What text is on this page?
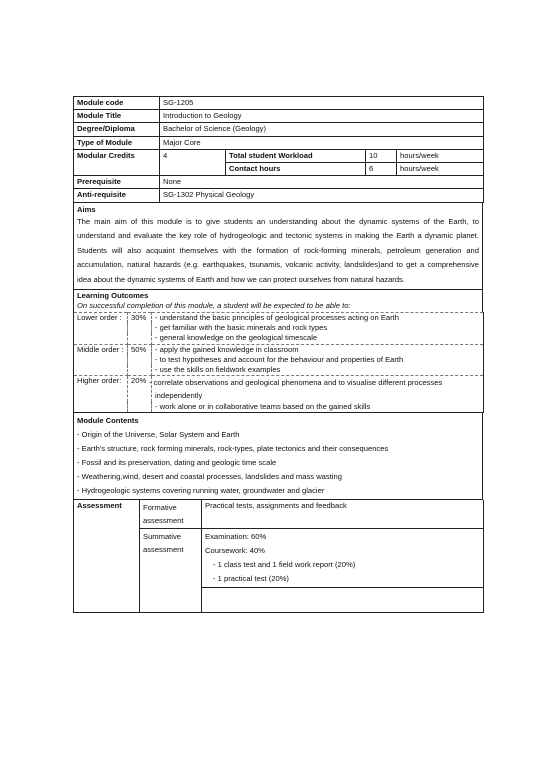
Module code	SG-1205			
Module Title	Introduction to Geology			
Degree/Diploma	Bachelor of Science (Geology)			
Type of Module	Major Core			
Modular Credits	4	Total student Workload	10	hours/week
		Contact hours	6	hours/week
Prerequisite	None			
Anti-requisite	SG-1302 Physical Geology			
Aims
The main aim of this module is to give students an understanding about the dynamic systems of the Earth, to understand and evaluate the key role of hydrogeologic and tectonic systems in making the Earth a dynamic planet. Students will also acquaint themselves with the formation of rock-forming minerals, petroleum generation and accumulation, natural hazards (e.g. earthquakes, tsunamis, volcanic activity, landslides)and to get a comprehensive idea about the dynamic systems of Earth and how we can protect ourselves from natural hazards.
Learning Outcomes
On successful completion of this module, a student will be expected to be able to:
Lower order :	30%	- understand the basic principles of geological processes acting on Earth
		- get familiar with the basic minerals and rock types
		- general knowledge on the geological timescale
Middle order :	50%	- apply the gained knowledge in classroom
		- to test hypotheses and account for the behaviour and properties of Earth
		- use the skills on fieldwork examples
Higher order:	20%	- correlate observations and geological phenomena and to visualise different processes independently
		- work alone or in collaborative teams based on the gained skills
Module Contents
- Origin of the Universe, Solar System and Earth
- Earth's structure, rock forming minerals, rock-types, plate tectonics and their consequences
- Fossil and its preservation, dating and geologic time scale
- Weathering,wind, desert and coastal processes, landslides and mass wasting
- Hydrogeologic systems covering running water, groundwater and glacier
Assessment	Formative assessment	Practical tests, assignments and feedback
	Summative assessment	Examination: 60%
Coursework: 40%
- 1 class test and 1 field work report (20%)
- 1 practical test (20%)
